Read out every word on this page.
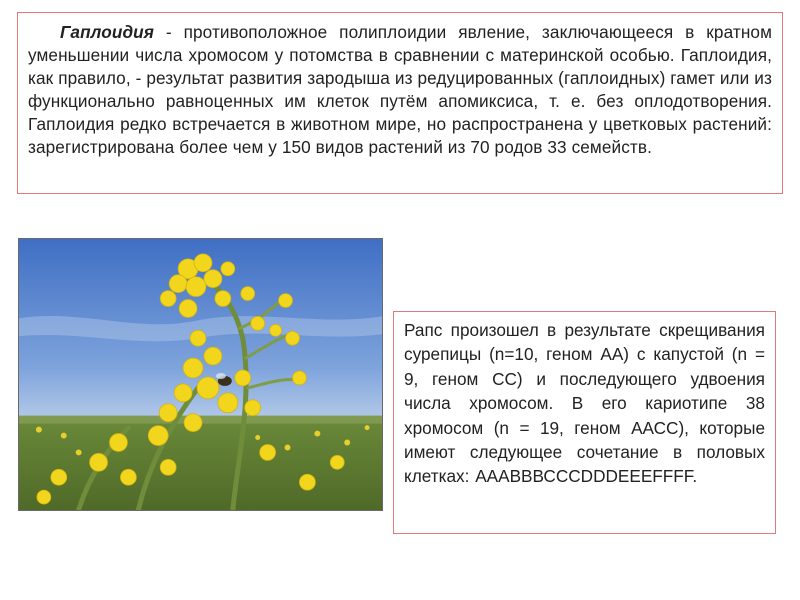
Гаплоидия - противоположное полиплоидии явление, заключающееся в кратном уменьшении числа хромосом у потомства в сравнении с материнской особью. Гаплоидия, как правило, - результат развития зародыша из редуцированных (гаплоидных) гамет или из функционально равноценных им клеток путём апомиксиса, т. е. без оплодотворения. Гаплоидия редко встречается в животном мире, но распространена у цветковых растений: зарегистрирована более чем у 150 видов растений из 70 родов 33 семейств.

Рапс произошел в результате скрещивания сурепицы (n=10, геном АА) с капустой (n = 9, геном СС) и последующего удвоения числа хромосом. В его кариотипе 38 хромосом (n = 19, геном ААСС), которые имеют следующее сочетание в половых клетках: АААВВВСССDDDEEEFFFF.
